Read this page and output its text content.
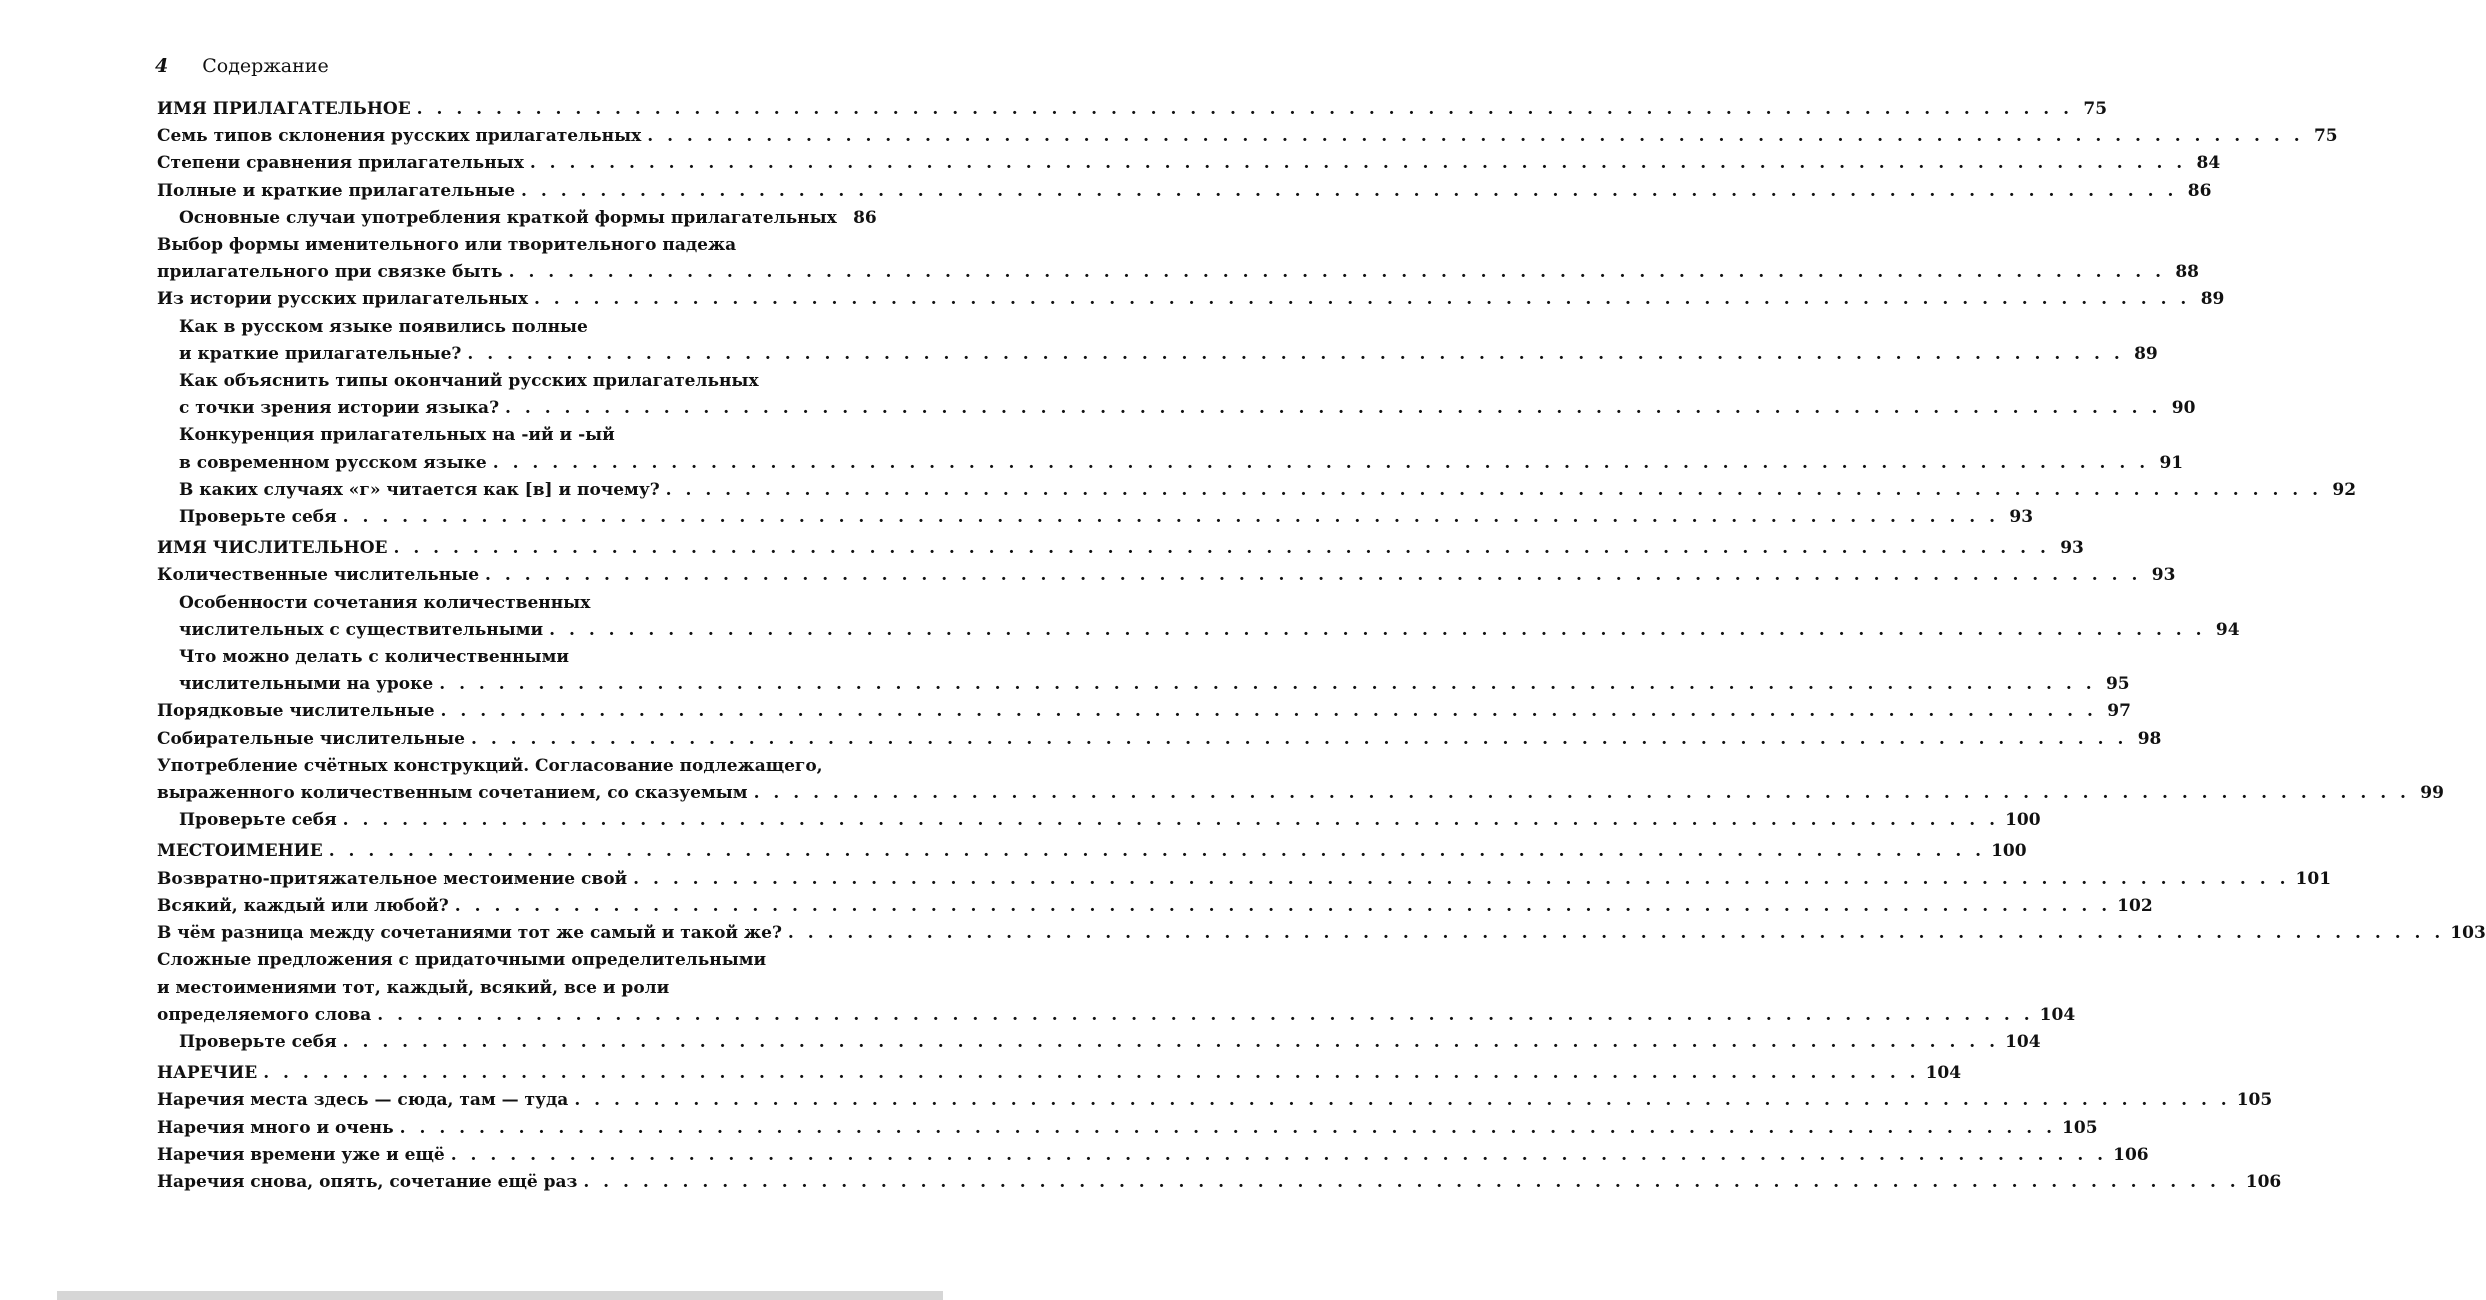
4 Содержание
ИМЯ ПРИЛАГАТЕЛЬНОЕ . . . . . . . . . . . . . . . . . . . . . . . . . . . . . . . . . . . . . . . . . . . . . . . . . . . . . . . . . . . . . . . . . . . . . . . . . . . . . . . . . . . . 75
Семь типов склонения русских прилагательных . . . . . . . . . . . . . . . . . . . . . . . . . . . . . . . . . . . . . . . . . . . . . . . . . . . . . . . . . . . . . . . . . . . . . . . . . . . . . . . . . . . . 75
Степени сравнения прилагательных . . . . . . . . . . . . . . . . . . . . . . . . . . . . . . . . . . . . . . . . . . . . . . . . . . . . . . . . . . . . . . . . . . . . . . . . . . . . . . . . . . . . 84
Полные и краткие прилагательные . . . . . . . . . . . . . . . . . . . . . . . . . . . . . . . . . . . . . . . . . . . . . . . . . . . . . . . . . . . . . . . . . . . . . . . . . . . . . . . . . . . . 86
Основные случаи употребления краткой формы прилагательных 86
Выбор формы именительного или творительного падежа
прилагательного при связке быть . . . . . . . . . . . . . . . . . . . . . . . . . . . . . . . . . . . . . . . . . . . . . . . . . . . . . . . . . . . . . . . . . . . . . . . . . . . . . . . . . . . . 88
Из истории русских прилагательных . . . . . . . . . . . . . . . . . . . . . . . . . . . . . . . . . . . . . . . . . . . . . . . . . . . . . . . . . . . . . . . . . . . . . . . . . . . . . . . . . . . . 89
Как в русском языке появились полные
и краткие прилагательные? . . . . . . . . . . . . . . . . . . . . . . . . . . . . . . . . . . . . . . . . . . . . . . . . . . . . . . . . . . . . . . . . . . . . . . . . . . . . . . . . . . . . 89
Как объяснить типы окончаний русских прилагательных
с точки зрения истории языка? . . . . . . . . . . . . . . . . . . . . . . . . . . . . . . . . . . . . . . . . . . . . . . . . . . . . . . . . . . . . . . . . . . . . . . . . . . . . . . . . . . . . 90
Конкуренция прилагательных на -ий и -ый
в современном русском языке . . . . . . . . . . . . . . . . . . . . . . . . . . . . . . . . . . . . . . . . . . . . . . . . . . . . . . . . . . . . . . . . . . . . . . . . . . . . . . . . . . . . 91
В каких случаях «г» читается как [в] и почему? . . . . . . . . . . . . . . . . . . . . . . . . . . . . . . . . . . . . . . . . . . . . . . . . . . . . . . . . . . . . . . . . . . . . . . . . . . . . . . . . . . . . 92
Проверьте себя . . . . . . . . . . . . . . . . . . . . . . . . . . . . . . . . . . . . . . . . . . . . . . . . . . . . . . . . . . . . . . . . . . . . . . . . . . . . . . . . . . . . 93
ИМЯ ЧИСЛИТЕЛЬНОЕ . . . . . . . . . . . . . . . . . . . . . . . . . . . . . . . . . . . . . . . . . . . . . . . . . . . . . . . . . . . . . . . . . . . . . . . . . . . . . . . . . . . . 93
Количественные числительные . . . . . . . . . . . . . . . . . . . . . . . . . . . . . . . . . . . . . . . . . . . . . . . . . . . . . . . . . . . . . . . . . . . . . . . . . . . . . . . . . . . . 93
Особенности сочетания количественных
числительных с существительными . . . . . . . . . . . . . . . . . . . . . . . . . . . . . . . . . . . . . . . . . . . . . . . . . . . . . . . . . . . . . . . . . . . . . . . . . . . . . . . . . . . . 94
Что можно делать с количественными
числительными на уроке . . . . . . . . . . . . . . . . . . . . . . . . . . . . . . . . . . . . . . . . . . . . . . . . . . . . . . . . . . . . . . . . . . . . . . . . . . . . . . . . . . . . 95
Порядковые числительные . . . . . . . . . . . . . . . . . . . . . . . . . . . . . . . . . . . . . . . . . . . . . . . . . . . . . . . . . . . . . . . . . . . . . . . . . . . . . . . . . . . . 97
Собирательные числительные . . . . . . . . . . . . . . . . . . . . . . . . . . . . . . . . . . . . . . . . . . . . . . . . . . . . . . . . . . . . . . . . . . . . . . . . . . . . . . . . . . . . 98
Употребление счётных конструкций. Согласование подлежащего,
выраженного количественным сочетанием, со сказуемым . . . . . . . . . . . . . . . . . . . . . . . . . . . . . . . . . . . . . . . . . . . . . . . . . . . . . . . . . . . . . . . . . . . . . . . . . . . . . . . . . . . . 99
Проверьте себя . . . . . . . . . . . . . . . . . . . . . . . . . . . . . . . . . . . . . . . . . . . . . . . . . . . . . . . . . . . . . . . . . . . . . . . . . . . . . . . . . . . . 100
МЕСТОИМЕНИЕ . . . . . . . . . . . . . . . . . . . . . . . . . . . . . . . . . . . . . . . . . . . . . . . . . . . . . . . . . . . . . . . . . . . . . . . . . . . . . . . . . . . . 100
Возвратно-притяжательное местоимение свой . . . . . . . . . . . . . . . . . . . . . . . . . . . . . . . . . . . . . . . . . . . . . . . . . . . . . . . . . . . . . . . . . . . . . . . . . . . . . . . . . . . . 101
Всякий, каждый или любой? . . . . . . . . . . . . . . . . . . . . . . . . . . . . . . . . . . . . . . . . . . . . . . . . . . . . . . . . . . . . . . . . . . . . . . . . . . . . . . . . . . . . 102
В чём разница между сочетаниями тот же самый и такой же? . . . . . . . . . . . . . . . . . . . . . . . . . . . . . . . . . . . . . . . . . . . . . . . . . . . . . . . . . . . . . . . . . . . . . . . . . . . . . . . . . . . . 103
Сложные предложения с придаточными определительными
и местоимениями тот, каждый, всякий, все и роли
определяемого слова . . . . . . . . . . . . . . . . . . . . . . . . . . . . . . . . . . . . . . . . . . . . . . . . . . . . . . . . . . . . . . . . . . . . . . . . . . . . . . . . . . . . 104
Проверьте себя . . . . . . . . . . . . . . . . . . . . . . . . . . . . . . . . . . . . . . . . . . . . . . . . . . . . . . . . . . . . . . . . . . . . . . . . . . . . . . . . . . . . 104
НАРЕЧИЕ . . . . . . . . . . . . . . . . . . . . . . . . . . . . . . . . . . . . . . . . . . . . . . . . . . . . . . . . . . . . . . . . . . . . . . . . . . . . . . . . . . . . 104
Наречия места здесь — сюда, там — туда . . . . . . . . . . . . . . . . . . . . . . . . . . . . . . . . . . . . . . . . . . . . . . . . . . . . . . . . . . . . . . . . . . . . . . . . . . . . . . . . . . . . 105
Наречия много и очень . . . . . . . . . . . . . . . . . . . . . . . . . . . . . . . . . . . . . . . . . . . . . . . . . . . . . . . . . . . . . . . . . . . . . . . . . . . . . . . . . . . . 105
Наречия времени уже и ещё . . . . . . . . . . . . . . . . . . . . . . . . . . . . . . . . . . . . . . . . . . . . . . . . . . . . . . . . . . . . . . . . . . . . . . . . . . . . . . . . . . . . 106
Наречия снова, опять, сочетание ещё раз . . . . . . . . . . . . . . . . . . . . . . . . . . . . . . . . . . . . . . . . . . . . . . . . . . . . . . . . . . . . . . . . . . . . . . . . . . . . . . . . . . . . 106
